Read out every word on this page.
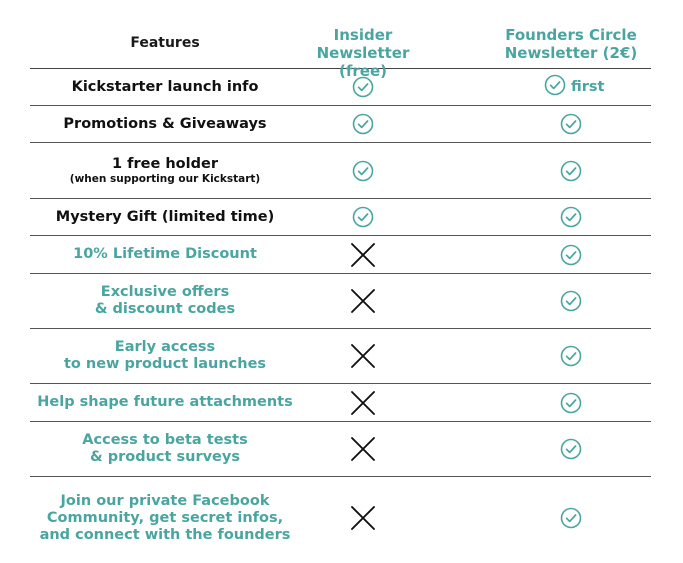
Features	Insider Newsletter
(free)
Founders Circle
Newsletter (2€)
Kickstarter launch info	first
Promotions & Giveaways
1 free holder
(when supporting our Kickstart)
Mystery Gift (limited time)
10% Lifetime Discount
Exclusive offers
& discount codes
Early access
to new product launches
Help shape future attachments
Access to beta tests
& product surveys
Join our private Facebook
Community, get secret infos,
and connect with the founders
